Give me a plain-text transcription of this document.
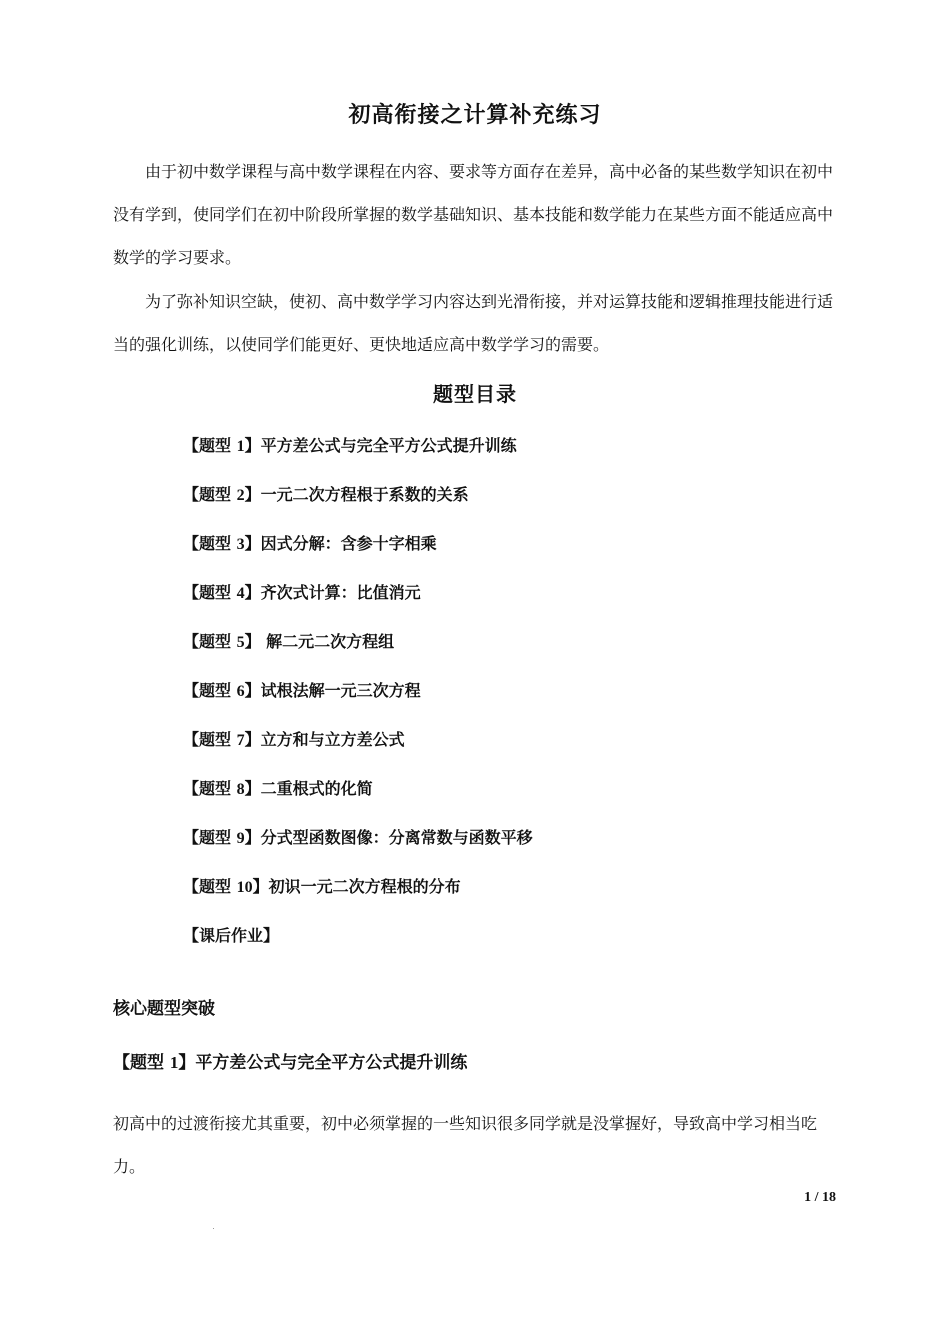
初高衔接之计算补充练习

由于初中数学课程与高中数学课程在内容、要求等方面存在差异，高中必备的某些数学知识在初中没有学到，使同学们在初中阶段所掌握的数学基础知识、基本技能和数学能力在某些方面不能适应高中数学的学习要求。

为了弥补知识空缺，使初、高中数学学习内容达到光滑衔接，并对运算技能和逻辑推理技能进行适当的强化训练，以使同学们能更好、更快地适应高中数学学习的需要。

题型目录
【题型 1】平方差公式与完全平方公式提升训练
【题型 2】一元二次方程根于系数的关系
【题型 3】因式分解：含参十字相乘
【题型 4】齐次式计算：比值消元
【题型 5】 解二元二次方程组
【题型 6】试根法解一元三次方程
【题型 7】立方和与立方差公式
【题型 8】二重根式的化简
【题型 9】分式型函数图像：分离常数与函数平移
【题型 10】初识一元二次方程根的分布
【课后作业】
核心题型突破
【题型 1】平方差公式与完全平方公式提升训练

初高中的过渡衔接尤其重要，初中必须掌握的一些知识很多同学就是没掌握好，导致高中学习相当吃力。

1 / 18
